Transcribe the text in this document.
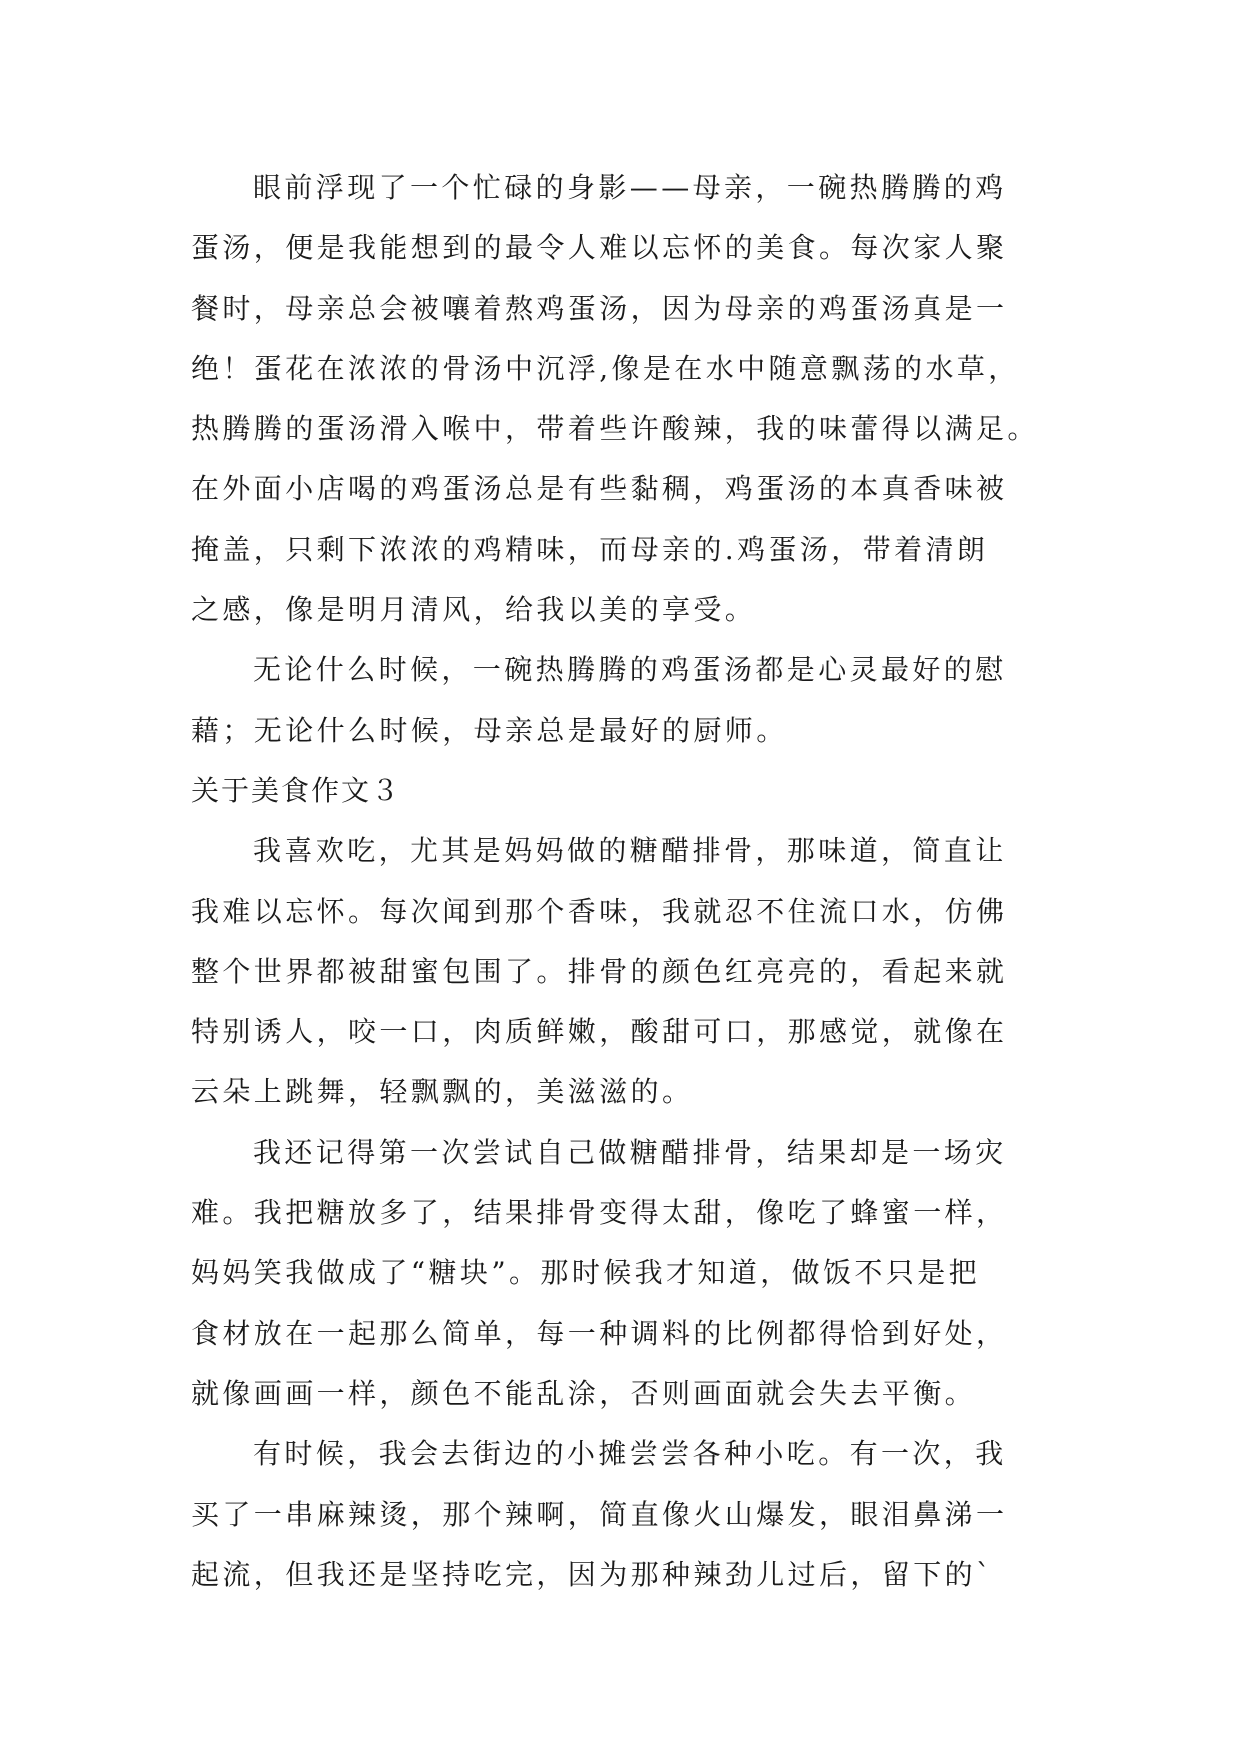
眼前浮现了一个忙碌的身影——母亲，一碗热腾腾的鸡
蛋汤，便是我能想到的最令人难以忘怀的美食。每次家人聚
餐时，母亲总会被嚷着熬鸡蛋汤，因为母亲的鸡蛋汤真是一
绝！蛋花在浓浓的骨汤中沉浮,像是在水中随意飘荡的水草，
热腾腾的蛋汤滑入喉中，带着些许酸辣，我的味蕾得以满足。
在外面小店喝的鸡蛋汤总是有些黏稠，鸡蛋汤的本真香味被
掩盖，只剩下浓浓的鸡精味，而母亲的.鸡蛋汤，带着清朗
之感，像是明月清风，给我以美的享受。
无论什么时候，一碗热腾腾的鸡蛋汤都是心灵最好的慰
藉；无论什么时候，母亲总是最好的厨师。
关于美食作文３
我喜欢吃，尤其是妈妈做的糖醋排骨，那味道，简直让
我难以忘怀。每次闻到那个香味，我就忍不住流口水，仿佛
整个世界都被甜蜜包围了。排骨的颜色红亮亮的，看起来就
特别诱人，咬一口，肉质鲜嫩，酸甜可口，那感觉，就像在
云朵上跳舞，轻飘飘的，美滋滋的。
我还记得第一次尝试自己做糖醋排骨，结果却是一场灾
难。我把糖放多了，结果排骨变得太甜，像吃了蜂蜜一样，
妈妈笑我做成了“糖块”。那时候我才知道，做饭不只是把
食材放在一起那么简单，每一种调料的比例都得恰到好处，
就像画画一样，颜色不能乱涂，否则画面就会失去平衡。
有时候，我会去街边的小摊尝尝各种小吃。有一次，我
买了一串麻辣烫，那个辣啊，简直像火山爆发，眼泪鼻涕一
起流，但我还是坚持吃完，因为那种辣劲儿过后，留下的`
